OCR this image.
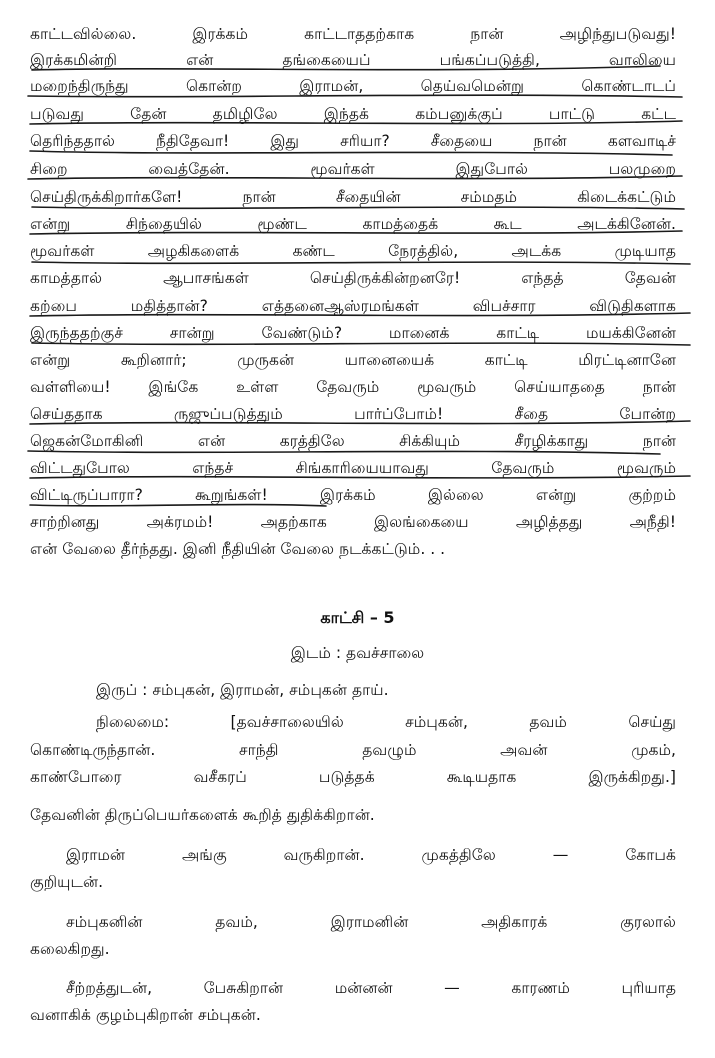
காட்டவில்லை. இரக்கம் காட்டாததற்காக நான் அழிந்துபடுவது!
இரக்கமின்றி என் தங்கையைப் பங்கப்படுத்தி, வாலியை
மறைந்திருந்து கொன்ற இராமன், தெய்வமென்று கொண்டாடப்
படுவது தேன் தமிழிலே இந்தக் கம்பனுக்குப் பாட்டு கட்ட
தெரிந்ததால் நீதிதேவா! இது சரியா? சீதையை நான் களவாடிச்
சிறை வைத்தேன். மூவர்கள் இதுபோல் பலமுறை
செய்திருக்கிறார்களே! நான் சீதையின் சம்மதம் கிடைக்கட்டும்
என்று சிந்தையில் மூண்ட காமத்தைக் கூட அடக்கினேன்.
மூவர்கள் அழகிகளைக் கண்ட நேரத்தில், அடக்க முடியாத
காமத்தால் ஆபாசங்கள் செய்திருக்கின்றனரே! எந்தத் தேவன்
கற்பை மதித்தான்? எத்தனைஆஸ்ரமங்கள் விபச்சார விடுதிகளாக
இருந்ததற்குச் சான்று வேண்டும்? மானைக் காட்டி மயக்கினேன்
என்று கூறினார்; முருகன் யானையைக் காட்டி மிரட்டினானே
வள்ளியை! இங்கே உள்ள தேவரும் மூவரும் செய்யாததை நான்
செய்ததாக ருஜுப்படுத்தும் பார்ப்போம்! சீதை போன்ற
ஜெகன்மோகினி என் கரத்திலே சிக்கியும் சீரழிக்காது நான்
விட்டதுபோல எந்தச் சிங்காரியையாவது தேவரும் மூவரும்
விட்டிருப்பாரா? கூறுங்கள்! இரக்கம் இல்லை என்று குற்றம்
சாற்றினது அக்ரமம்! அதற்காக இலங்கையை அழித்தது அநீதி!
என் வேலை தீர்ந்தது. இனி நீதியின் வேலை நடக்கட்டும். . .
காட்சி – 5
இடம் : தவச்சாலை
இருப் : சம்புகன், இராமன், சம்புகன் தாய்.
நிலைமை: [தவச்சாலையில் சம்புகன், தவம் செய்து
கொண்டிருந்தான். சாந்தி தவழும் அவன் முகம்,
காண்போரை வசீகரப் படுத்தக் கூடியதாக இருக்கிறது.]
தேவனின் திருப்பெயர்களைக் கூறித் துதிக்கிறான்.
இராமன் அங்கு வருகிறான். முகத்திலே — கோபக்
குறியுடன்.
சம்புகனின் தவம், இராமனின் அதிகாரக் குரலால்
கலைகிறது.
சீற்றத்துடன், பேசுகிறான் மன்னன் — காரணம் புரியாத
வனாகிக் குழம்புகிறான் சம்புகன்.
